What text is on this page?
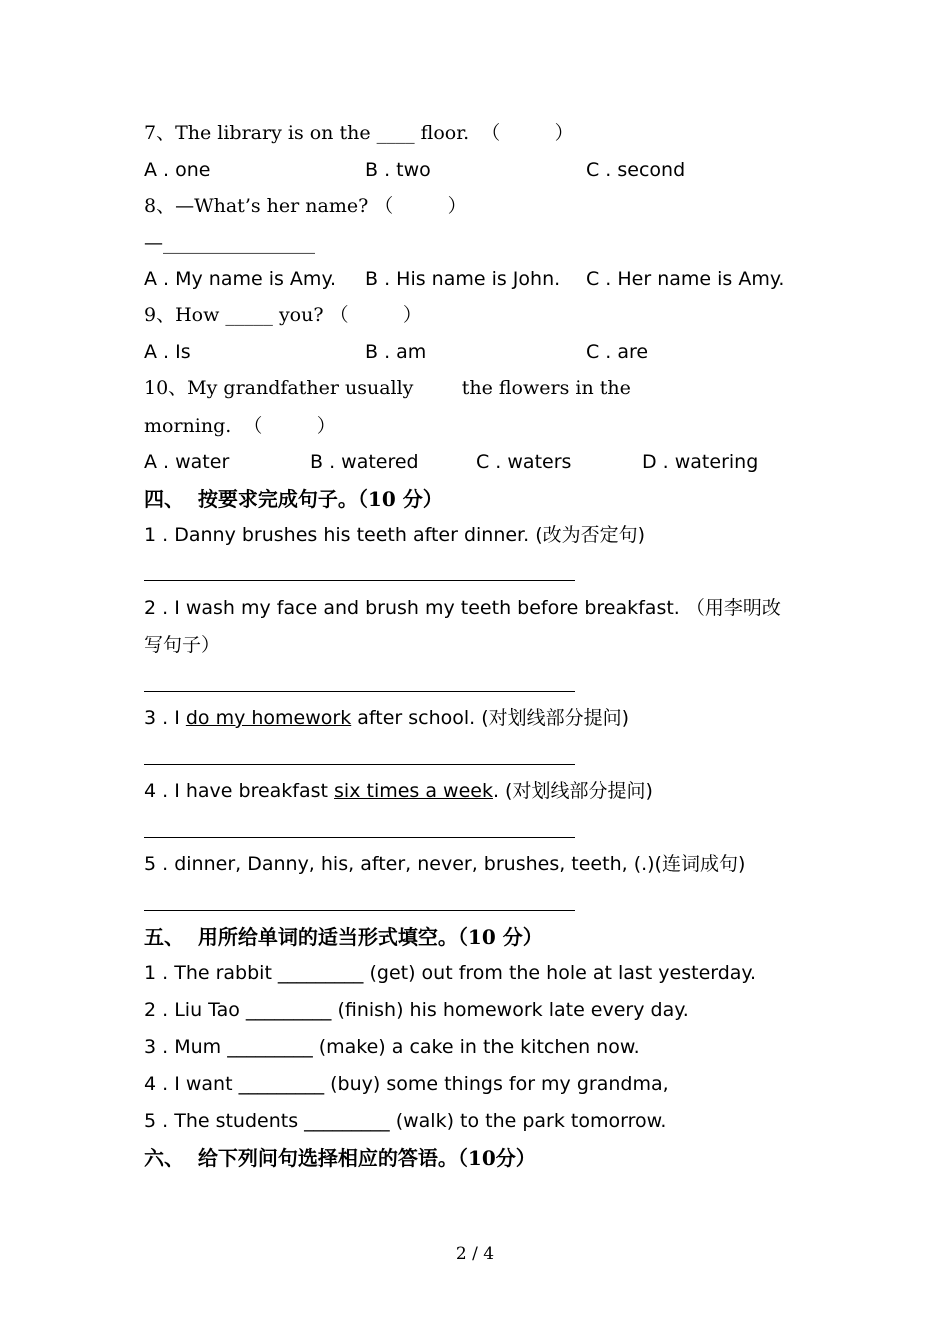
7、The library is on the ____ floor.  （         ）
A . one	B . two	C . second
8、—What’s her name? （         ）
—________________
A . My name is Amy. B . His name is John. C . Her name is Amy.
9、How _____ you? （         ）
A . Is	B . am	C . are
10、My grandfather usually        the flowers in the
morning.  （         ）
A . water	B . watered	C . waters	D . watering
四、  按要求完成句子。（10 分）
1 . Danny brushes his teeth after dinner. (改为否定句)
2 . I wash my face and brush my teeth before breakfast. （用李明改
写句子）
3 . I do my homework after school. (对划线部分提问)
4 . I have breakfast six times a week. (对划线部分提问)
5 . dinner, Danny, his, after, never, brushes, teeth, (.)(连词成句)
五、  用所给单词的适当形式填空。（10 分）
1 . The rabbit _________ (get) out from the hole at last yesterday.
2 . Liu Tao _________ (finish) his homework late every day.
3 . Mum _________ (make) a cake in the kitchen now.
4 . I want _________ (buy) some things for my grandma,
5 . The students _________ (walk) to the park tomorrow.
六、  给下列问句选择相应的答语。（10分）
2 / 4
